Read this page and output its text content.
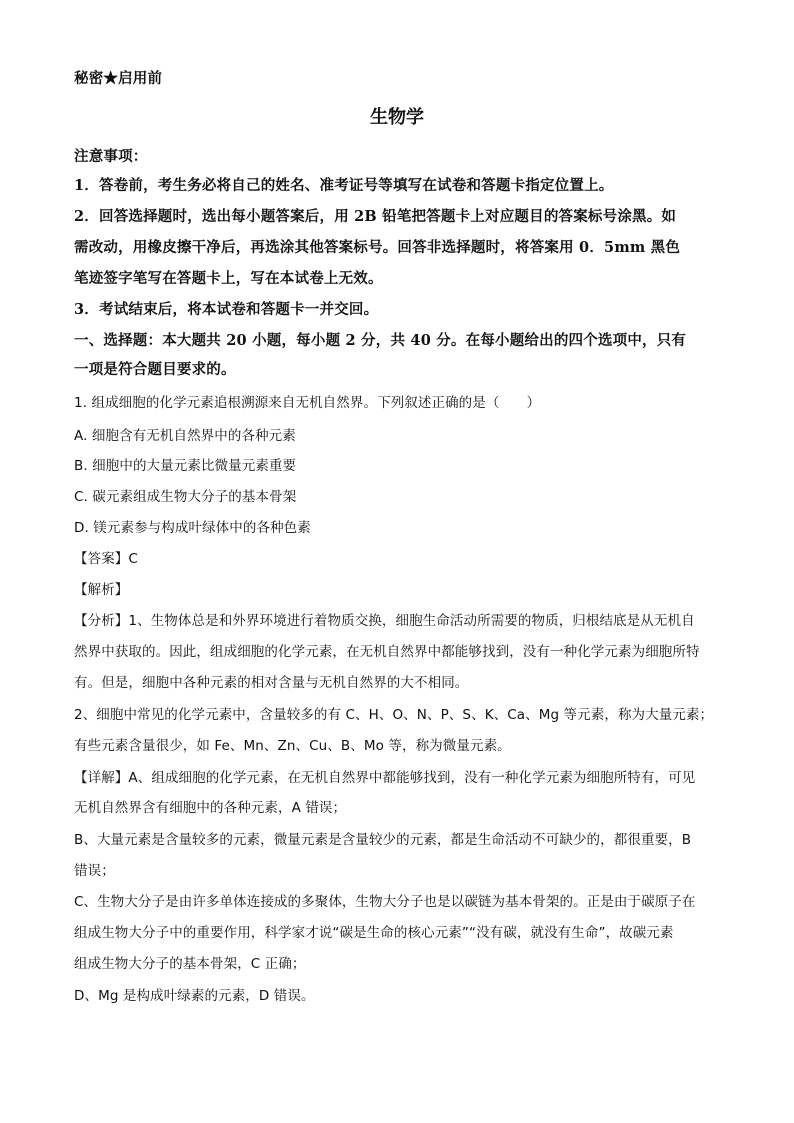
秘密★启用前
生物学
注意事项：
1．答卷前，考生务必将自己的姓名、准考证号等填写在试卷和答题卡指定位置上。
2．回答选择题时，选出每小题答案后，用 2B 铅笔把答题卡上对应题目的答案标号涂黑。如
需改动，用橡皮擦干净后，再选涂其他答案标号。回答非选择题时，将答案用 0．5mm 黑色
笔迹签字笔写在答题卡上，写在本试卷上无效。
3．考试结束后，将本试卷和答题卡一并交回。
一、选择题：本大题共 20 小题，每小题 2 分，共 40 分。在每小题给出的四个选项中，只有
一项是符合题目要求的。
1. 组成细胞的化学元素追根溯源来自无机自然界。下列叙述正确的是（　　）
A. 细胞含有无机自然界中的各种元素
B. 细胞中的大量元素比微量元素重要
C. 碳元素组成生物大分子的基本骨架
D. 镁元素参与构成叶绿体中的各种色素
【答案】C
【解析】
【分析】1、生物体总是和外界环境进行着物质交换，细胞生命活动所需要的物质，归根结底是从无机自
然界中获取的。因此，组成细胞的化学元素，在无机自然界中都能够找到，没有一种化学元素为细胞所特
有。但是，细胞中各种元素的相对含量与无机自然界的大不相同。
2、细胞中常见的化学元素中，含量较多的有 C、H、O、N、P、S、K、Ca、Mg 等元素，称为大量元素；
有些元素含量很少，如 Fe、Mn、Zn、Cu、B、Mo 等，称为微量元素。
【详解】A、组成细胞的化学元素，在无机自然界中都能够找到，没有一种化学元素为细胞所特有，可见
无机自然界含有细胞中的各种元素，A 错误；
B、大量元素是含量较多的元素，微量元素是含量较少的元素，都是生命活动不可缺少的，都很重要，B
错误；
C、生物大分子是由许多单体连接成的多聚体，生物大分子也是以碳链为基本骨架的。正是由于碳原子在
组成生物大分子中的重要作用，科学家才说“碳是生命的核心元素”“没有碳，就没有生命”，故碳元素
组成生物大分子的基本骨架，C 正确；
D、Mg 是构成叶绿素的元素，D 错误。
